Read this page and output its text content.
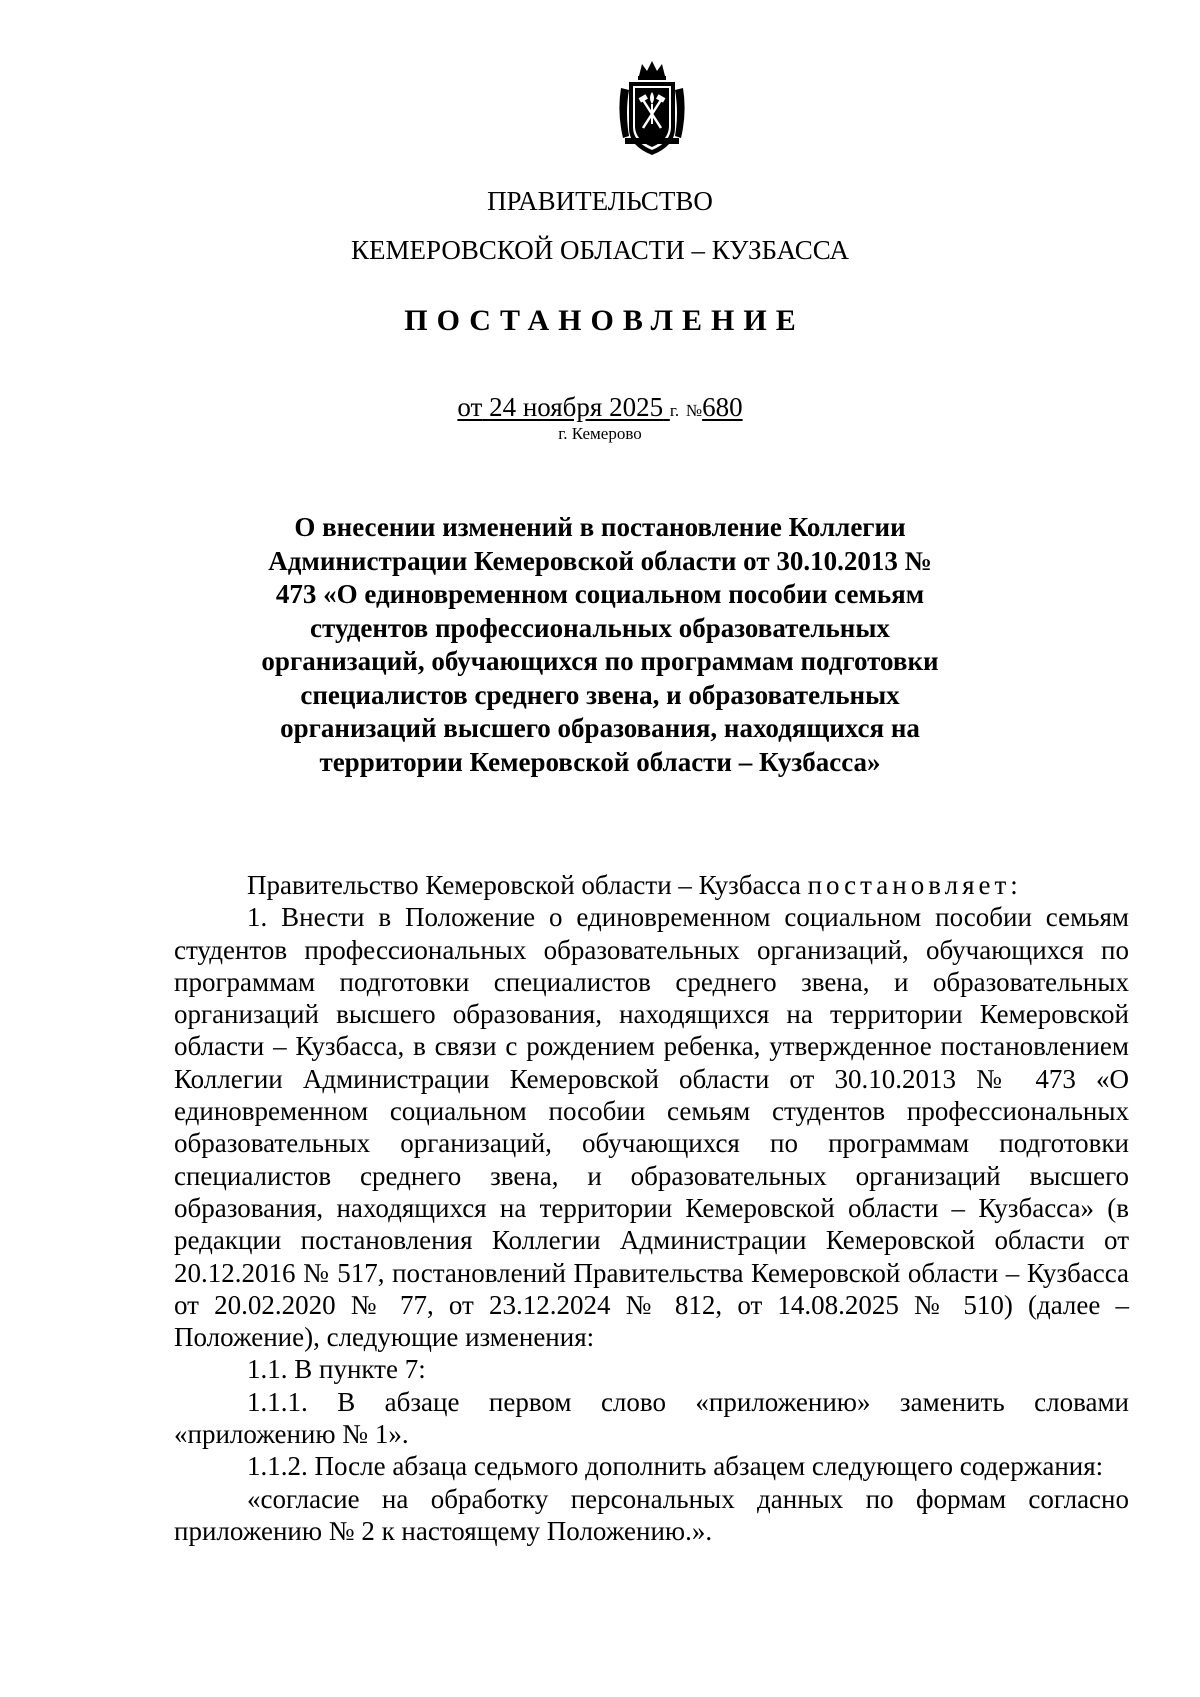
ПРАВИТЕЛЬСТВО
КЕМЕРОВСКОЙ ОБЛАСТИ – КУЗБАССА
ПОСТАНОВЛЕНИЕ
от 24 ноября 2025 г. №680
г. Кемерово
О внесении изменений в постановление Коллегии Администрации Кемеровской области от 30.10.2013 № 473 «О единовременном социальном пособии семьям студентов профессиональных образовательных организаций, обучающихся по программам подготовки специалистов среднего звена, и образовательных организаций высшего образования, находящихся на территории Кемеровской области – Кузбасса»

Правительство Кемеровской области – Кузбасса постановляет:

1. Внести в Положение о единовременном социальном пособии семьям студентов профессиональных образовательных организаций, обучающихся по программам подготовки специалистов среднего звена, и образовательных организаций высшего образования, находящихся на территории Кемеровской области – Кузбасса, в связи с рождением ребенка, утвержденное постановлением Коллегии Администрации Кемеровской области от 30.10.2013 № 473 «О единовременном социальном пособии семьям студентов профессиональных образовательных организаций, обучающихся по программам подготовки специалистов среднего звена, и образовательных организаций высшего образования, находящихся на территории Кемеровской области – Кузбасса» (в редакции постановления Коллегии Администрации Кемеровской области от 20.12.2016 № 517, постановлений Правительства Кемеровской области – Кузбасса от 20.02.2020 № 77, от 23.12.2024 № 812, от 14.08.2025 № 510) (далее – Положение), следующие изменения:

1.1. В пункте 7:

1.1.1. В абзаце первом слово «приложению» заменить словами «приложению № 1».

1.1.2. После абзаца седьмого дополнить абзацем следующего содержания:

«согласие на обработку персональных данных по формам согласно приложению № 2 к настоящему Положению.».
